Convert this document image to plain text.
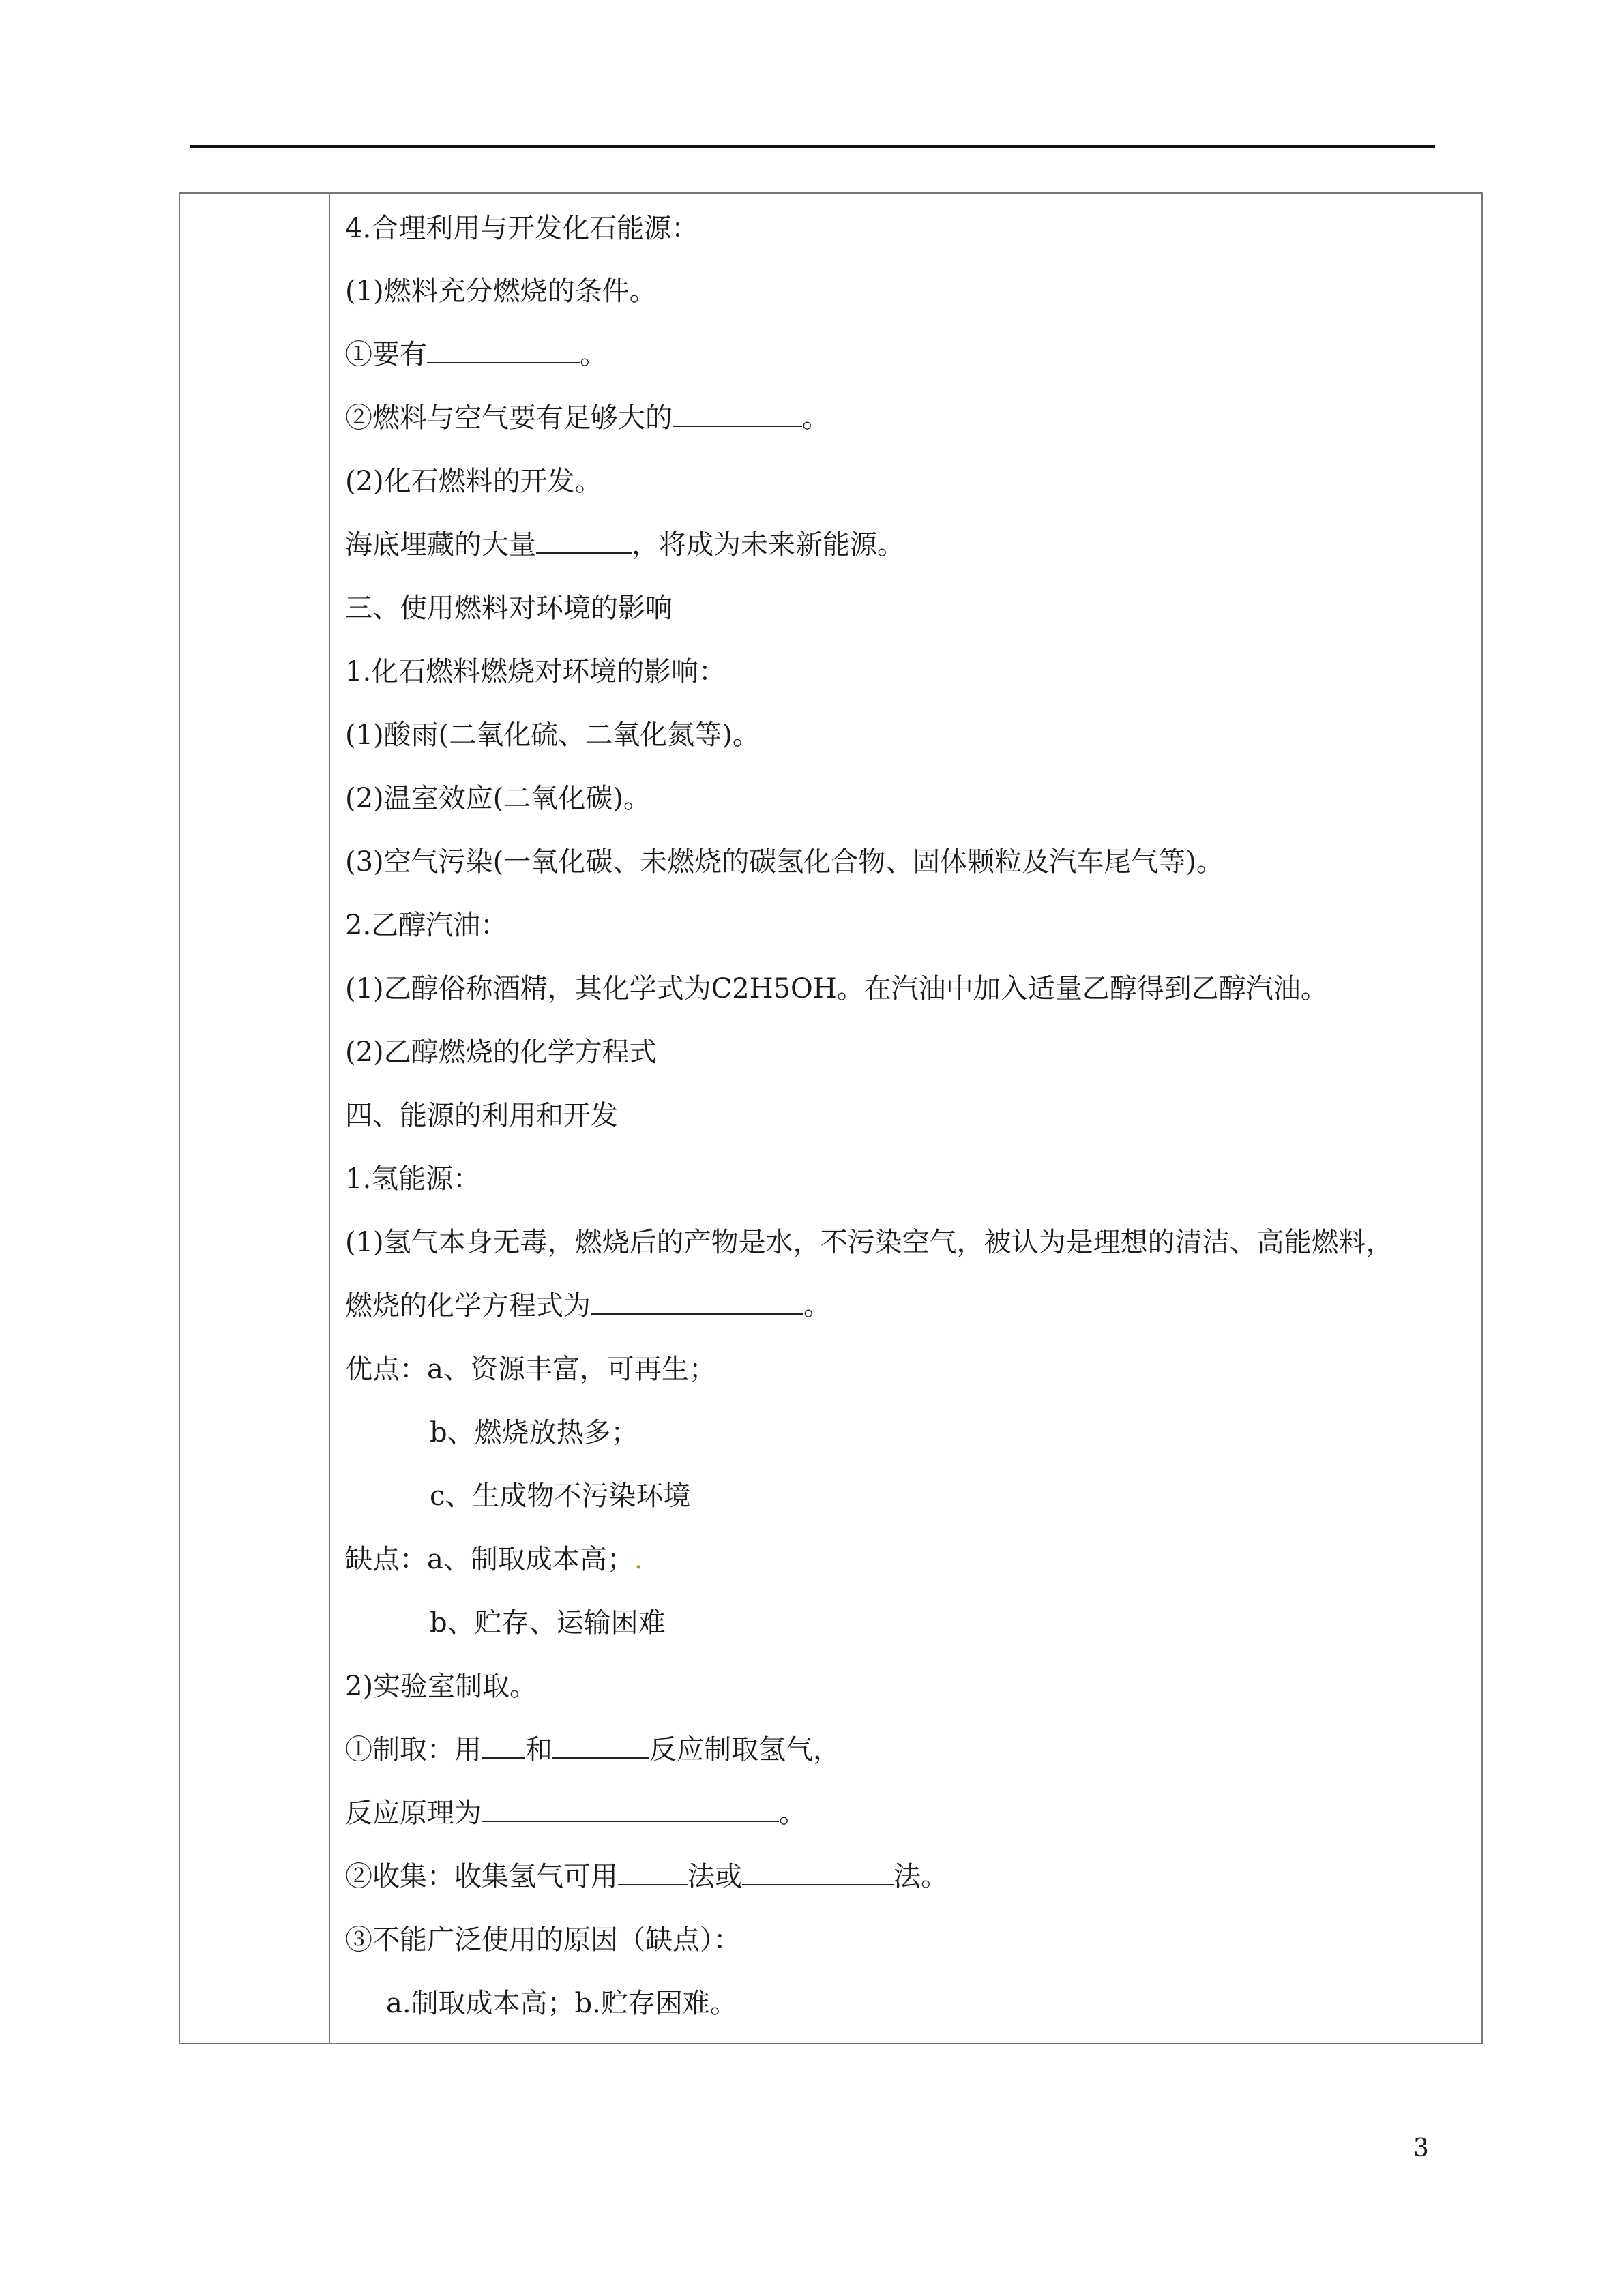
4.合理利用与开发化石能源：
(1)燃料充分燃烧的条件。
①要有	。
②燃料与空气要有足够大的	。
(2)化石燃料的开发。
海底埋藏的大量	，将成为未来新能源。
三、使用燃料对环境的影响
1.化石燃料燃烧对环境的影响：
(1)酸雨(二氧化硫、二氧化氮等)。
(2)温室效应(二氧化碳)。
(3)空气污染(一氧化碳、未燃烧的碳氢化合物、固体颗粒及汽车尾气等)。
2.乙醇汽油：
(1)乙醇俗称酒精，其化学式为C2H5OH。在汽油中加入适量乙醇得到乙醇汽油。
(2)乙醇燃烧的化学方程式
四、能源的利用和开发
1.氢能源：
(1)氢气本身无毒，燃烧后的产物是水，不污染空气，被认为是理想的清洁、高能燃料，
燃烧的化学方程式为	。
优点：a、资源丰富，可再生；
b、燃烧放热多；
c、生成物不污染环境
缺点：a、制取成本高；.
b、贮存、运输困难
2)实验室制取。
①制取：用 和	反应制取氢气，
反应原理为	。
②收集：收集氢气可用	法或	法。
③不能广泛使用的原因（缺点）：
a.制取成本高；b.贮存困难。
3
